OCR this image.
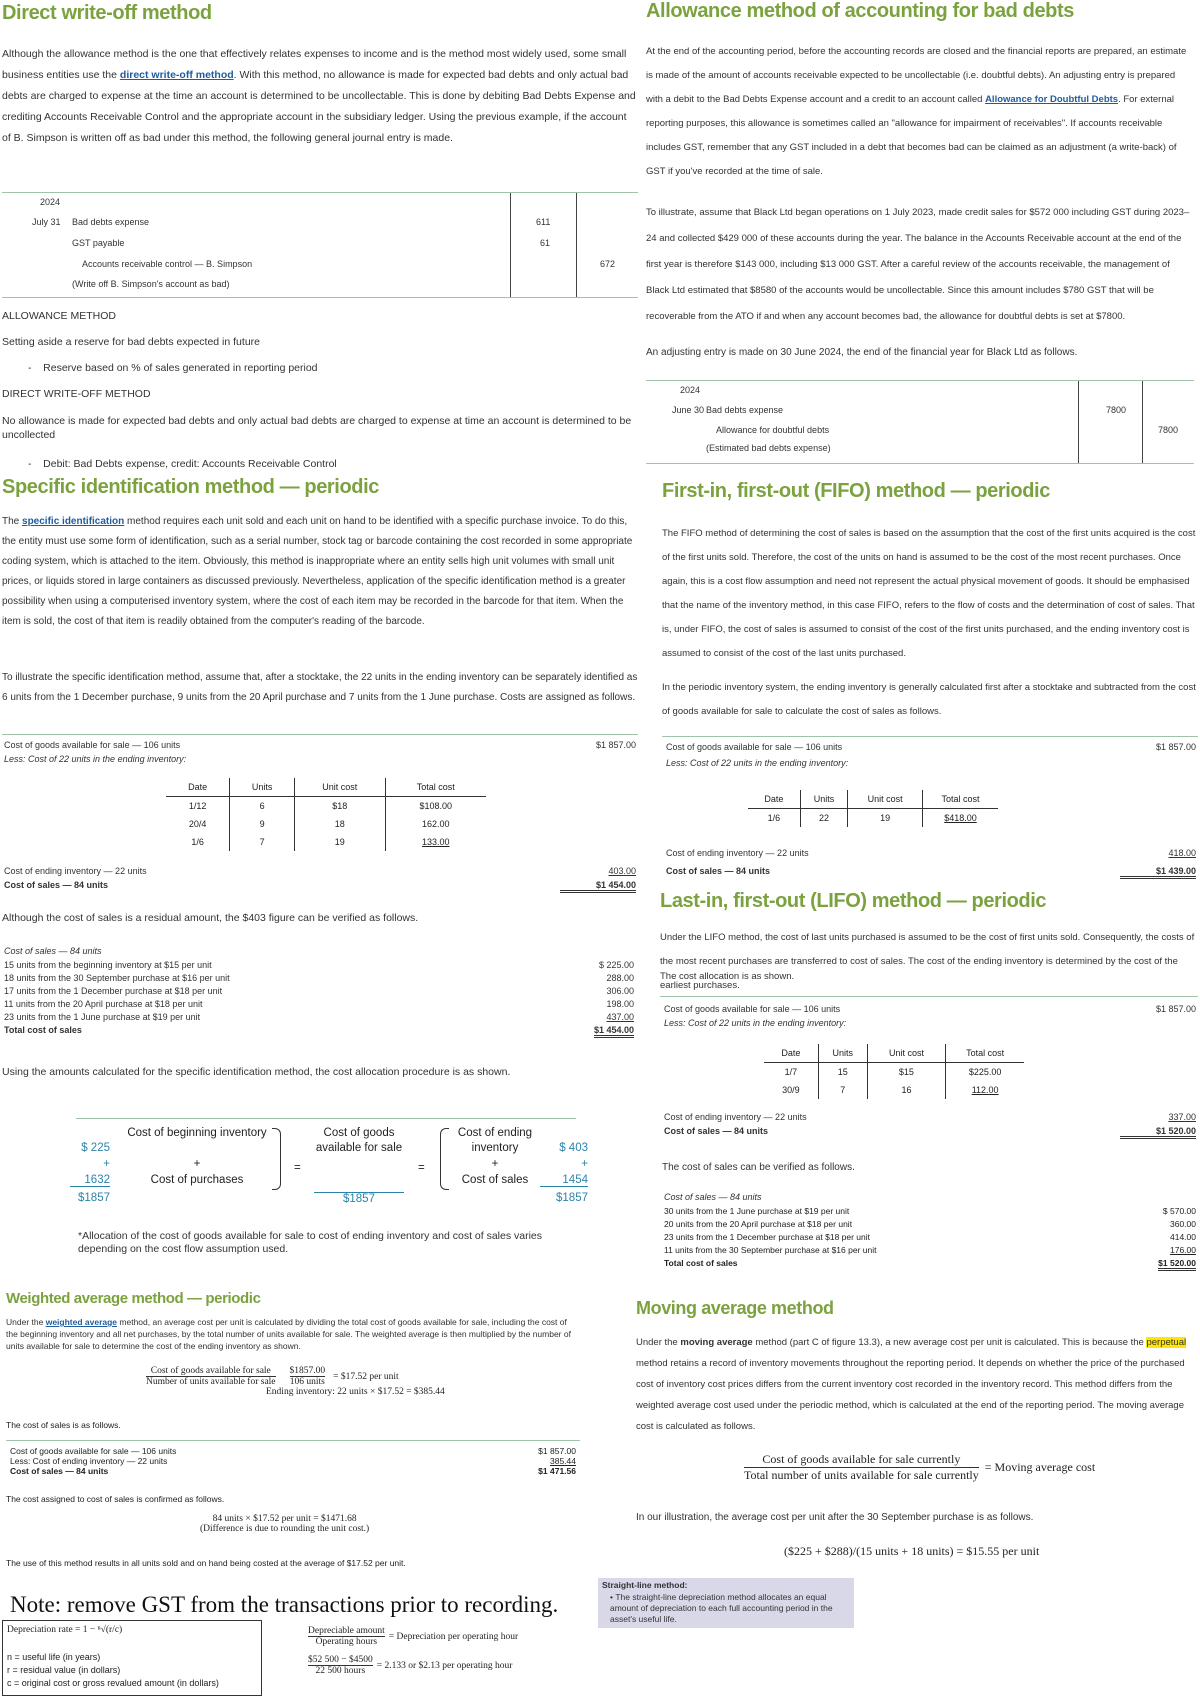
Direct write-off method
Although the allowance method is the one that effectively relates expenses to income and is the method most widely used, some small business entities use the direct write-off method. With this method, no allowance is made for expected bad debts and only actual bad debts are charged to expense at the time an account is determined to be uncollectable. This is done by debiting Bad Debts Expense and crediting Accounts Receivable Control and the appropriate account in the subsidiary ledger. Using the previous example, if the account of B. Simpson is written off as bad under this method, the following general journal entry is made.
2024
July 31 Bad debts expense	611
GST payable	61
Accounts receivable control — B. Simpson	672
(Write off B. Simpson's account as bad)
ALLOWANCE METHOD
Setting aside a reserve for bad debts expected in future
-    Reserve based on % of sales generated in reporting period
DIRECT WRITE-OFF METHOD
No allowance is made for expected bad debts and only actual bad debts are charged to expense at time an account is determined to be uncollected
-    Debit: Bad Debts expense, credit: Accounts Receivable Control
Specific identification method — periodic
The specific identification method requires each unit sold and each unit on hand to be identified with a specific purchase invoice. To do this, the entity must use some form of identification, such as a serial number, stock tag or barcode containing the cost recorded in some appropriate coding system, which is attached to the item. Obviously, this method is inappropriate where an entity sells high unit volumes with small unit prices, or liquids stored in large containers as discussed previously. Nevertheless, application of the specific identification method is a greater possibility when using a computerised inventory system, where the cost of each item may be recorded in the barcode for that item. When the item is sold, the cost of that item is readily obtained from the computer's reading of the barcode.
To illustrate the specific identification method, assume that, after a stocktake, the 22 units in the ending inventory can be separately identified as 6 units from the 1 December purchase, 9 units from the 20 April purchase and 7 units from the 1 June purchase. Costs are assigned as follows.
Cost of goods available for sale — 106 units	$1 857.00
Less: Cost of 22 units in the ending inventory:
Date	Units	Unit cost	Total cost
1/12	6	$18	$108.00
20/4	9	18	162.00
1/6	7	19	133.00
Cost of ending inventory — 22 units	403.00
Cost of sales — 84 units	$1 454.00
Although the cost of sales is a residual amount, the $403 figure can be verified as follows.
Cost of sales — 84 units
15 units from the beginning inventory at $15 per unit	$ 225.00
18 units from the 30 September purchase at $16 per unit	288.00
17 units from the 1 December purchase at $18 per unit	306.00
11 units from the 20 April purchase at $18 per unit	198.00
23 units from the 1 June purchase at $19 per unit	437.00
Total cost of sales	$1 454.00
Using the amounts calculated for the specific identification method, the cost allocation procedure is as shown.
$ 225
+
1632
$1857
Cost of beginning inventory
+
Cost of purchases
=
Cost of goods available for sale
$1857
=
Cost of ending inventory
+
Cost of sales
$ 403
+
1454
$1857
*Allocation of the cost of goods available for sale to cost of ending inventory and cost of sales varies depending on the cost flow assumption used.
Weighted average method — periodic
Under the weighted average method, an average cost per unit is calculated by dividing the total cost of goods available for sale, including the cost of the beginning inventory and all net purchases, by the total number of units available for sale. The weighted average is then multiplied by the number of units available for sale to determine the cost of the ending inventory as shown.
Cost of goods available for sale
Number of units available for sale
$1857.00
106 units
= $17.52 per unit
Ending inventory: 22 units × $17.52 = $385.44
The cost of sales is as follows.
Cost of goods available for sale — 106 units	$1 857.00
Less: Cost of ending inventory — 22 units	385.44
Cost of sales — 84 units	$1 471.56
The cost assigned to cost of sales is confirmed as follows.
84 units × $17.52 per unit = $1471.68
(Difference is due to rounding the unit cost.)
The use of this method results in all units sold and on hand being costed at the average of $17.52 per unit.
Note: remove GST from the transactions prior to recording.
Depreciation rate = 1 − ⁿ√(r/c)
n = useful life (in years)
r = residual value (in dollars)
c = original cost or gross revalued amount (in dollars)
Depreciable amount
Operating hours
= Depreciation per operating hour
$52 500 − $4500
22 500 hours
= 2.133 or $2.13 per operating hour
Straight-line method:
• The straight-line depreciation method allocates an equal amount of depreciation to each full accounting period in the asset's useful life.
Allowance method of accounting for bad debts
At the end of the accounting period, before the accounting records are closed and the financial reports are prepared, an estimate is made of the amount of accounts receivable expected to be uncollectable (i.e. doubtful debts). An adjusting entry is prepared with a debit to the Bad Debts Expense account and a credit to an account called Allowance for Doubtful Debts. For external reporting purposes, this allowance is sometimes called an "allowance for impairment of receivables". If accounts receivable includes GST, remember that any GST included in a debt that becomes bad can be claimed as an adjustment (a write-back) of GST if you've recorded at the time of sale.
To illustrate, assume that Black Ltd began operations on 1 July 2023, made credit sales for $572 000 including GST during 2023–24 and collected $429 000 of these accounts during the year. The balance in the Accounts Receivable account at the end of the first year is therefore $143 000, including $13 000 GST. After a careful review of the accounts receivable, the management of Black Ltd estimated that $8580 of the accounts would be uncollectable. Since this amount includes $780 GST that will be recoverable from the ATO if and when any account becomes bad, the allowance for doubtful debts is set at $7800.
An adjusting entry is made on 30 June 2024, the end of the financial year for Black Ltd as follows.
2024
June 30 Bad debts expense	7800
Allowance for doubtful debts	7800
(Estimated bad debts expense)
First-in, first-out (FIFO) method — periodic
The FIFO method of determining the cost of sales is based on the assumption that the cost of the first units acquired is the cost of the first units sold. Therefore, the cost of the units on hand is assumed to be the cost of the most recent purchases. Once again, this is a cost flow assumption and need not represent the actual physical movement of goods. It should be emphasised that the name of the inventory method, in this case FIFO, refers to the flow of costs and the determination of cost of sales. That is, under FIFO, the cost of sales is assumed to consist of the cost of the first units purchased, and the ending inventory cost is assumed to consist of the cost of the last units purchased.
In the periodic inventory system, the ending inventory is generally calculated first after a stocktake and subtracted from the cost of goods available for sale to calculate the cost of sales as follows.
Cost of goods available for sale — 106 units	$1 857.00
Less: Cost of 22 units in the ending inventory:
Date	Units	Unit cost	Total cost
1/6	22	19	$418.00
Cost of ending inventory — 22 units	418.00
Cost of sales — 84 units	$1 439.00
Last-in, first-out (LIFO) method — periodic
Under the LIFO method, the cost of last units purchased is assumed to be the cost of first units sold. Consequently, the costs of the most recent purchases are transferred to cost of sales. The cost of the ending inventory is determined by the cost of the earliest purchases.
The cost allocation is as shown.
Cost of goods available for sale — 106 units	$1 857.00
Less: Cost of 22 units in the ending inventory:
Date	Units	Unit cost	Total cost
1/7	15	$15	$225.00
30/9	7	16	112.00
Cost of ending inventory — 22 units	337.00
Cost of sales — 84 units	$1 520.00
The cost of sales can be verified as follows.
Cost of sales — 84 units
30 units from the 1 June purchase at $19 per unit	$ 570.00
20 units from the 20 April purchase at $18 per unit	360.00
23 units from the 1 December purchase at $18 per unit	414.00
11 units from the 30 September purchase at $16 per unit	176.00
Total cost of sales	$1 520.00
Moving average method
Under the moving average method (part C of figure 13.3), a new average cost per unit is calculated. This is because the perpetual method retains a record of inventory movements throughout the reporting period. It depends on whether the price of the purchased cost of inventory cost prices differs from the current inventory cost recorded in the inventory record. This method differs from the weighted average cost used under the periodic method, which is calculated at the end of the reporting period. The moving average cost is calculated as follows.
Cost of goods available for sale currently
Total number of units available for sale currently
= Moving average cost
In our illustration, the average cost per unit after the 30 September purchase is as follows.
($225 + $288)/(15 units + 18 units) = $15.55 per unit
